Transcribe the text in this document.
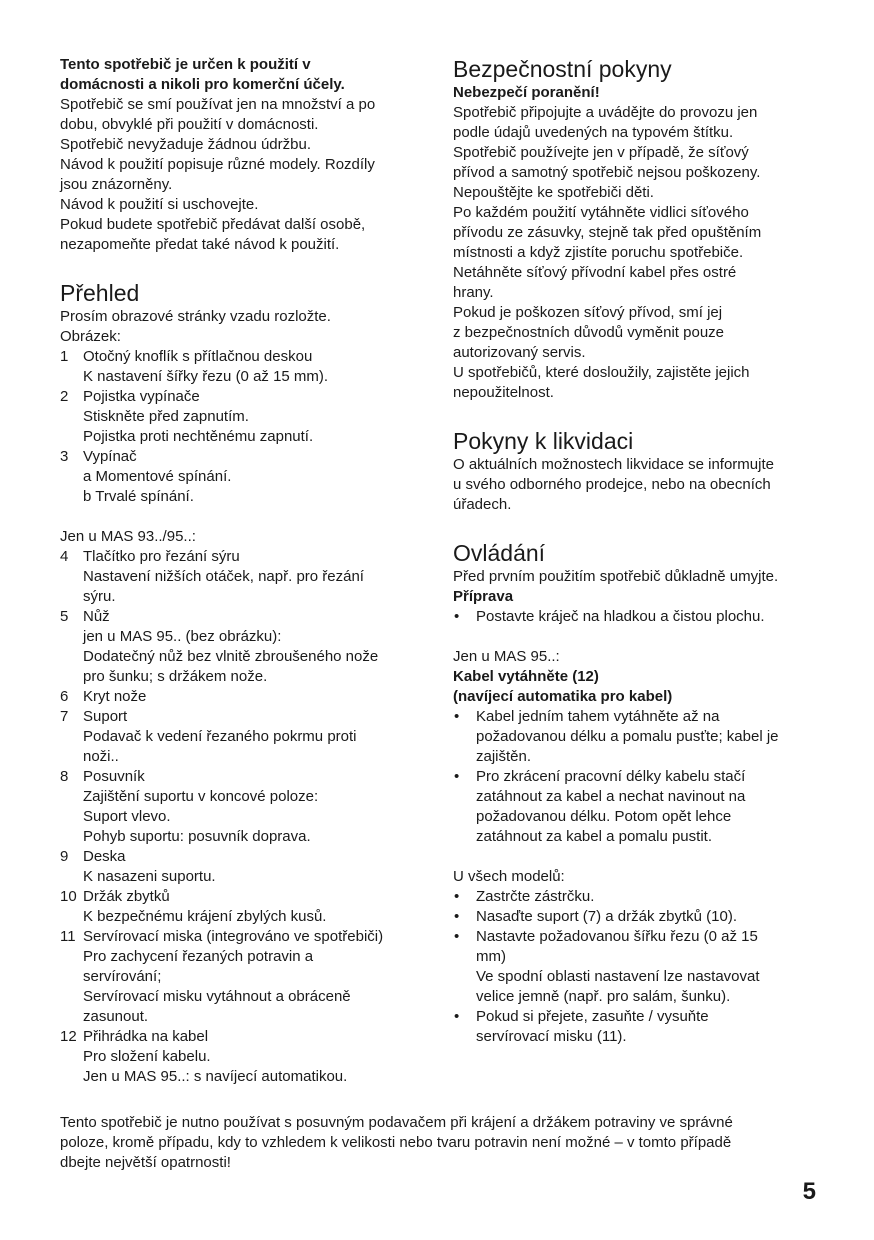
Tento spotřebič je určen k použití v

domácnosti a nikoli pro komerční účely.

Spotřebič se smí používat jen na množství a po

dobu, obvyklé při použití v domácnosti.

Spotřebič nevyžaduje žádnou údržbu.

Návod k použití popisuje různé modely. Rozdíly

jsou znázorněny.

Návod k použití si uschovejte.

Pokud budete spotřebič předávat další osobě,

nezapomeňte předat také návod k použití.

Přehled

Prosím obrazové stránky vzadu rozložte.

Obrázek:

1 Otočný knoflík s přítlačnou deskou
K nastavení šířky řezu (0 až 15 mm).
2 Pojistka vypínače
Stiskněte před zapnutím.
Pojistka proti nechtěnému zapnutí.
3 Vypínač
a Momentové spínání.
b Trvalé spínání.

Jen u MAS 93../95..:

4 Tlačítko pro řezání sýru
Nastavení nižších otáček, např. pro řezání
sýru.
5 Nůž
jen u MAS 95.. (bez obrázku):
Dodatečný nůž bez vlnitě zbroušeného nože
pro šunku; s držákem nože.
6 Kryt nože
7 Suport
Podavač k vedení řezaného pokrmu proti
noži..
8 Posuvník
Zajištění suportu v koncové poloze:
Suport vlevo.
Pohyb suportu: posuvník doprava.
9 Deska
K nasazeni suportu.
10 Držák zbytků
K bezpečnému krájení zbylých kusů.
11 Servírovací miska (integrováno ve spotřebiči)
Pro zachycení řezaných potravin a
servírování;
Servírovací misku vytáhnout a obráceně
zasunout.
12 Přihrádka na kabel
Pro složení kabelu.
Jen u MAS 95..: s navíjecí automatikou.
Bezpečnostní pokyny

Nebezpečí poranění!

Spotřebič připojujte a uvádějte do provozu jen

podle údajů uvedených na typovém štítku.

Spotřebič používejte jen v případě, že síťový

přívod a samotný spotřebič nejsou poškozeny.

Nepouštějte ke spotřebiči děti.

Po každém použití vytáhněte vidlici síťového

přívodu ze zásuvky, stejně tak před opuštěním

místnosti a když zjistíte poruchu spotřebiče.

Netáhněte síťový přívodní kabel přes ostré

hrany.

Pokud je poškozen síťový přívod, smí jej

z bezpečnostních důvodů vyměnit pouze

autorizovaný servis.

U spotřebičů, které dosloužily, zajistěte jejich

nepoužitelnost.

Pokyny k likvidaci

O aktuálních možnostech likvidace se informujte

u svého odborného prodejce, nebo na obecních

úřadech.

Ovládání

Před prvním použitím spotřebič důkladně umyjte.

Příprava

• Postavte kráječ na hladkou a čistou plochu.

Jen u MAS 95..:

Kabel vytáhněte (12)

(navíjecí automatika pro kabel)

• Kabel jedním tahem vytáhněte až na
požadovanou délku a pomalu pusťte; kabel je
zajištěn.
• Pro zkrácení pracovní délky kabelu stačí
zatáhnout za kabel a nechat navinout na
požadovanou délku. Potom opět lehce
zatáhnout za kabel a pomalu pustit.

U všech modelů:

• Zastrčte zástrčku.
• Nasaďte suport (7) a držák zbytků (10).
• Nastavte požadovanou šířku řezu (0 až 15
mm)
Ve spodní oblasti nastavení lze nastavovat
velice jemně (např. pro salám, šunku).
• Pokud si přejete, zasuňte / vysuňte
servírovací misku (11).

Tento spotřebič je nutno používat s posuvným podavačem při krájení a držákem potraviny ve správné

poloze, kromě případu, kdy to vzhledem k velikosti nebo tvaru potravin není možné – v tomto případě

dbejte největší opatrnosti!

5
